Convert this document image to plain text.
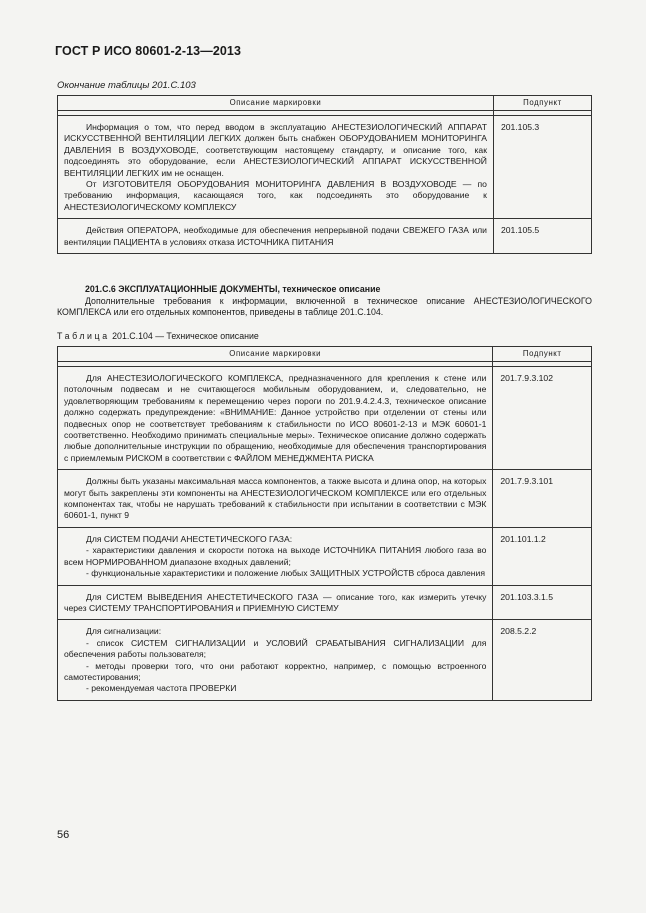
ГОСТ Р ИСО 80601-2-13—2013
Окончание таблицы 201.С.103
Описание маркировки	Подпункт

Информация о том, что перед вводом в эксплуатацию АНЕСТЕЗИОЛОГИЧЕСКИЙ АППАРАТ ИСКУССТВЕННОЙ ВЕНТИЛЯЦИИ ЛЕГКИХ должен быть снабжен ОБОРУДОВАНИЕМ МОНИТОРИНГА ДАВЛЕНИЯ В ВОЗДУХОВОДЕ, соответствующим настоящему стандарту, и описание того, как подсоединять это оборудование, если АНЕСТЕЗИОЛОГИЧЕСКИЙ АППАРАТ ИСКУССТВЕННОЙ ВЕНТИЛЯЦИИ ЛЕГКИХ им не оснащен.

От ИЗГОТОВИТЕЛЯ ОБОРУДОВАНИЯ МОНИТОРИНГА ДАВЛЕНИЯ В ВОЗДУХОВОДЕ — по требованию информация, касающаяся того, как подсоединять это оборудование к АНЕСТЕЗИОЛОГИЧЕСКОМУ КОМПЛЕКСУ	201.105.3

Действия ОПЕРАТОРА, необходимые для обеспечения непрерывной подачи СВЕЖЕГО ГАЗА или вентиляции ПАЦИЕНТА в условиях отказа ИСТОЧНИКА ПИТАНИЯ	201.105.5

201.С.6 ЭКСПЛУАТАЦИОННЫЕ ДОКУМЕНТЫ, техническое описание

Дополнительные требования к информации, включенной в техническое описание АНЕСТЕЗИОЛОГИЧЕСКОГО КОМПЛЕКСА или его отдельных компонентов, приведены в таблице 201.С.104.

Таблица 201.С.104 — Техническое описание
Описание маркировки	Подпункт

Для АНЕСТЕЗИОЛОГИЧЕСКОГО КОМПЛЕКСА, предназначенного для крепления к стене или потолочным подвесам и не считающегося мобильным оборудованием, и, следовательно, не удовлетворяющим требованиям к перемещению через пороги по 201.9.4.2.4.3, техническое описание должно содержать предупреждение: «ВНИМАНИЕ: Данное устройство при отделении от стены или подвесных опор не соответствует требованиям к стабильности по ИСО 80601-2-13 и МЭК 60601-1 соответственно. Необходимо принимать специальные меры». Техническое описание должно содержать любые дополнительные инструкции по обращению, необходимые для обеспечения транспортирования с приемлемым РИСКОМ в соответствии с ФАЙЛОМ МЕНЕДЖМЕНТА РИСКА	201.7.9.3.102

Должны быть указаны максимальная масса компонентов, а также высота и длина опор, на которых могут быть закреплены эти компоненты на АНЕСТЕЗИОЛОГИЧЕСКОМ КОМПЛЕКСЕ или его отдельных компонентах так, чтобы не нарушать требований к стабильности при испытании в соответствии с МЭК 60601-1, пункт 9	201.7.9.3.101

Для СИСТЕМ ПОДАЧИ АНЕСТЕТИЧЕСКОГО ГАЗА:

- характеристики давления и скорости потока на выходе ИСТОЧНИКА ПИТАНИЯ любого газа во всем НОРМИРОВАННОМ диапазоне входных давлений;

- функциональные характеристики и положение любых ЗАЩИТНЫХ УСТРОЙСТВ сброса давления	201.101.1.2

Для СИСТЕМ ВЫВЕДЕНИЯ АНЕСТЕТИЧЕСКОГО ГАЗА — описание того, как измерить утечку через СИСТЕМУ ТРАНСПОРТИРОВАНИЯ и ПРИЕМНУЮ СИСТЕМУ	201.103.3.1.5

Для сигнализации:

- список СИСТЕМ СИГНАЛИЗАЦИИ и УСЛОВИЙ СРАБАТЫВАНИЯ СИГНАЛИЗАЦИИ для обеспечения работы пользователя;

- методы проверки того, что они работают корректно, например, с помощью встроенного самотестирования;

- рекомендуемая частота ПРОВЕРКИ	208.5.2.2
56
